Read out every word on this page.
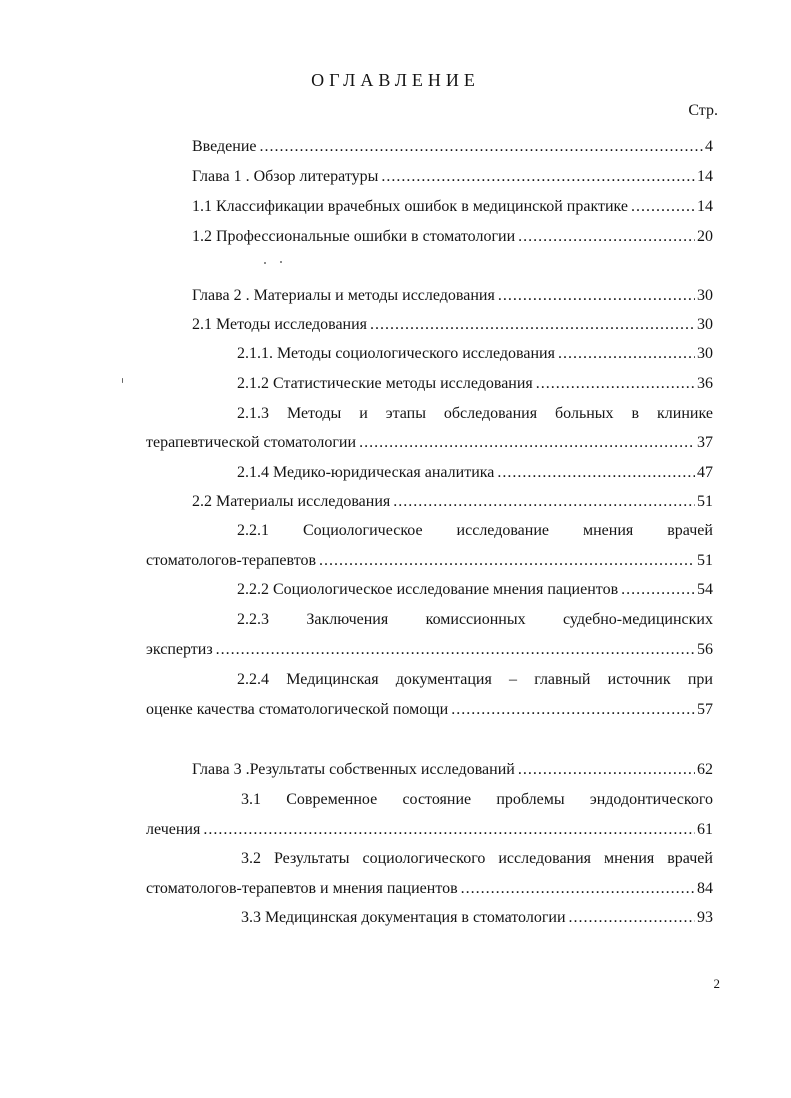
ОГЛАВЛЕНИЕ
Стр.
Введение . . .	4
Глава 1 . Обзор литературы . . .	14
1.1 Классификации врачебных ошибок в медицинской практике . . .	14
1.2 Профессиональные ошибки в стоматологии . . .	20
Глава 2 . Материалы и методы исследования . . .	30
2.1 Методы исследования . . .	30
2.1.1. Методы социологического исследования . . .	30
2.1.2 Статистические методы исследования . . .	36
2.1.3 Методы и этапы обследования больных в клинике
терапевтической стоматологии . . .	37
2.1.4 Медико-юридическая аналитика . . .	47
2.2 Материалы исследования . . .	51
2.2.1 Социологическое исследование мнения врачей
стоматологов-терапевтов . . .	51
2.2.2 Социологическое исследование мнения пациентов . . .	54
2.2.3 Заключения комиссионных судебно-медицинских
экспертиз . . .	56
2.2.4 Медицинская документация – главный источник при
оценке качества стоматологической помощи . . .	57
Глава 3 .Результаты собственных исследований . . .	62
3.1 Современное состояние проблемы эндодонтического
лечения . . .	61
3.2 Результаты социологического исследования мнения врачей
стоматологов-терапевтов и мнения пациентов . . .	84
3.3 Медицинская документация в стоматологии . . .	93
2
